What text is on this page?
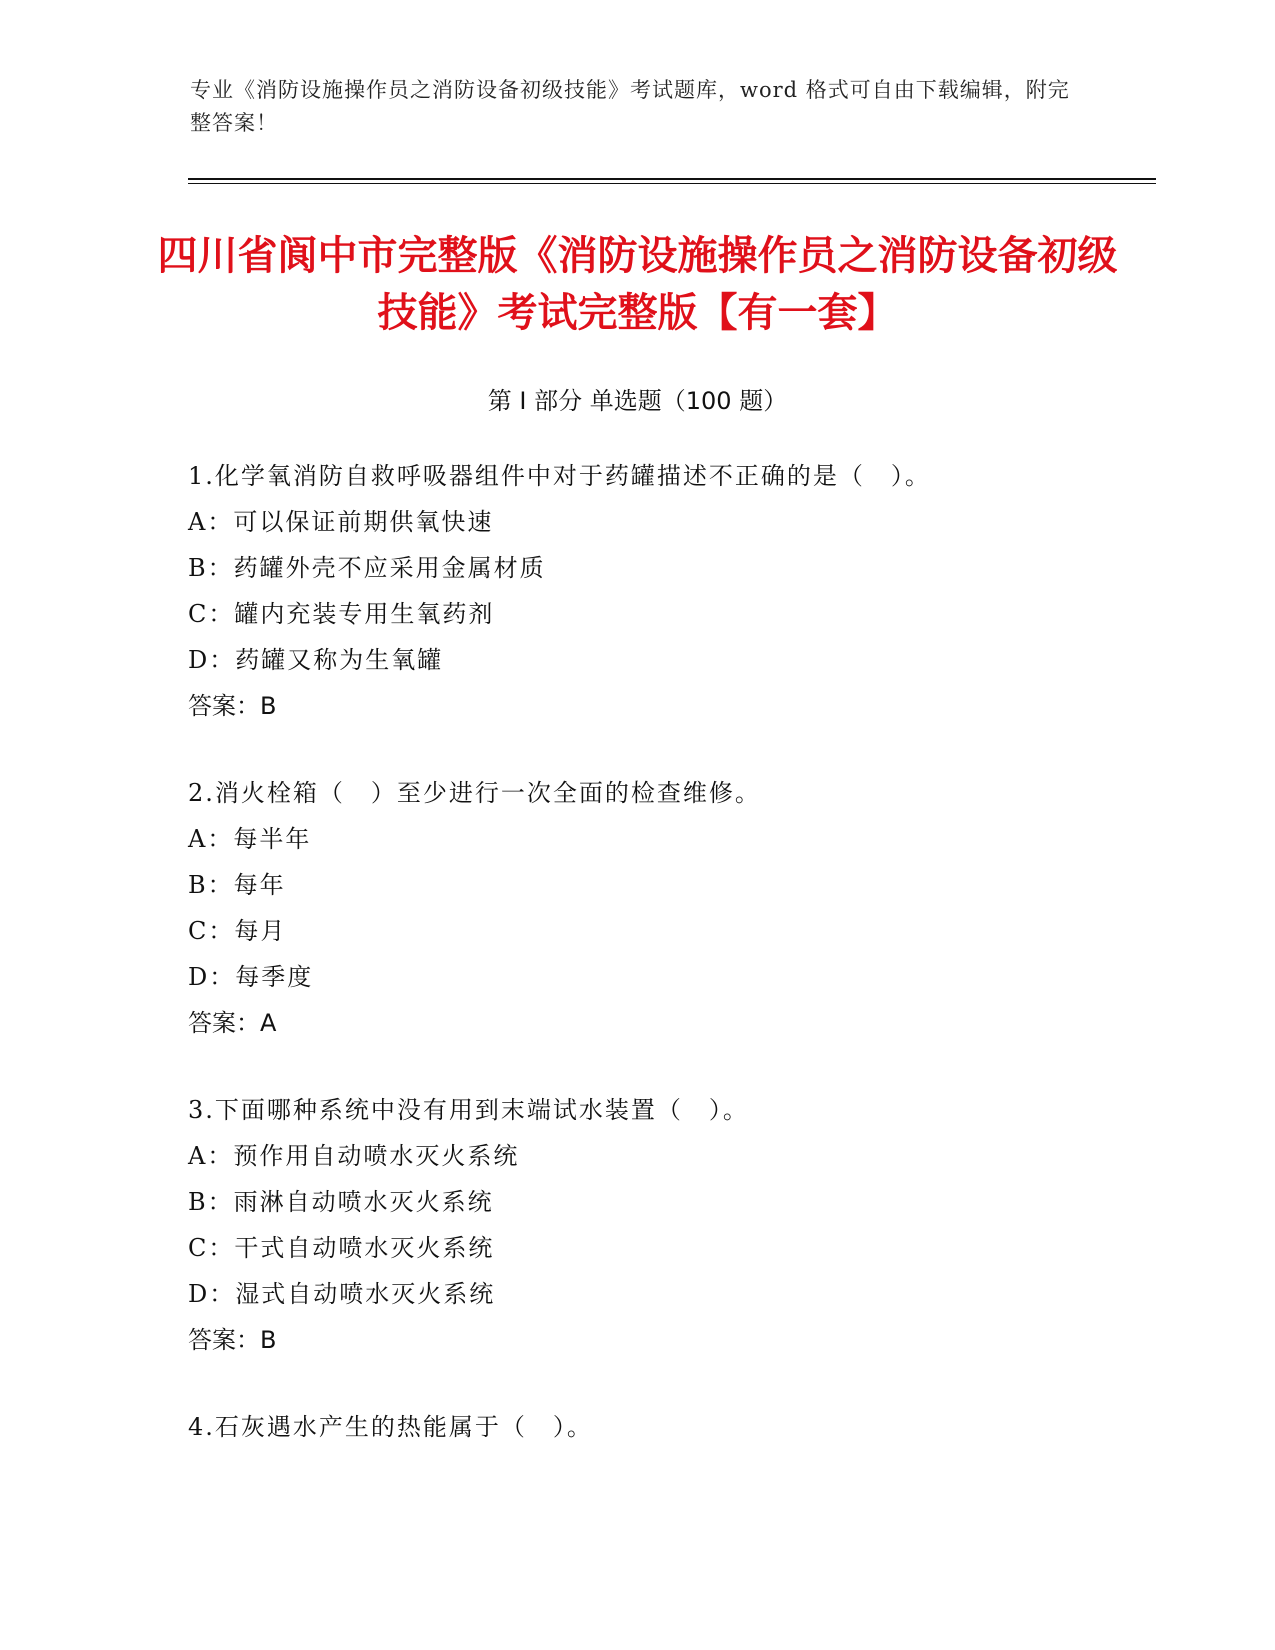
专业《消防设施操作员之消防设备初级技能》考试题库，word 格式可自由下载编辑，附完整答案！
四川省阆中市完整版《消防设施操作员之消防设备初级技能》考试完整版【有一套】
第 I 部分 单选题（100 题）
1.化学氧消防自救呼吸器组件中对于药罐描述不正确的是（　）。
A：可以保证前期供氧快速
B：药罐外壳不应采用金属材质
C：罐内充装专用生氧药剂
D：药罐又称为生氧罐
答案：B
2.消火栓箱（　）至少进行一次全面的检查维修。
A：每半年
B：每年
C：每月
D：每季度
答案：A
3.下面哪种系统中没有用到末端试水装置（　）。
A：预作用自动喷水灭火系统
B：雨淋自动喷水灭火系统
C：干式自动喷水灭火系统
D：湿式自动喷水灭火系统
答案：B
4.石灰遇水产生的热能属于（　）。
